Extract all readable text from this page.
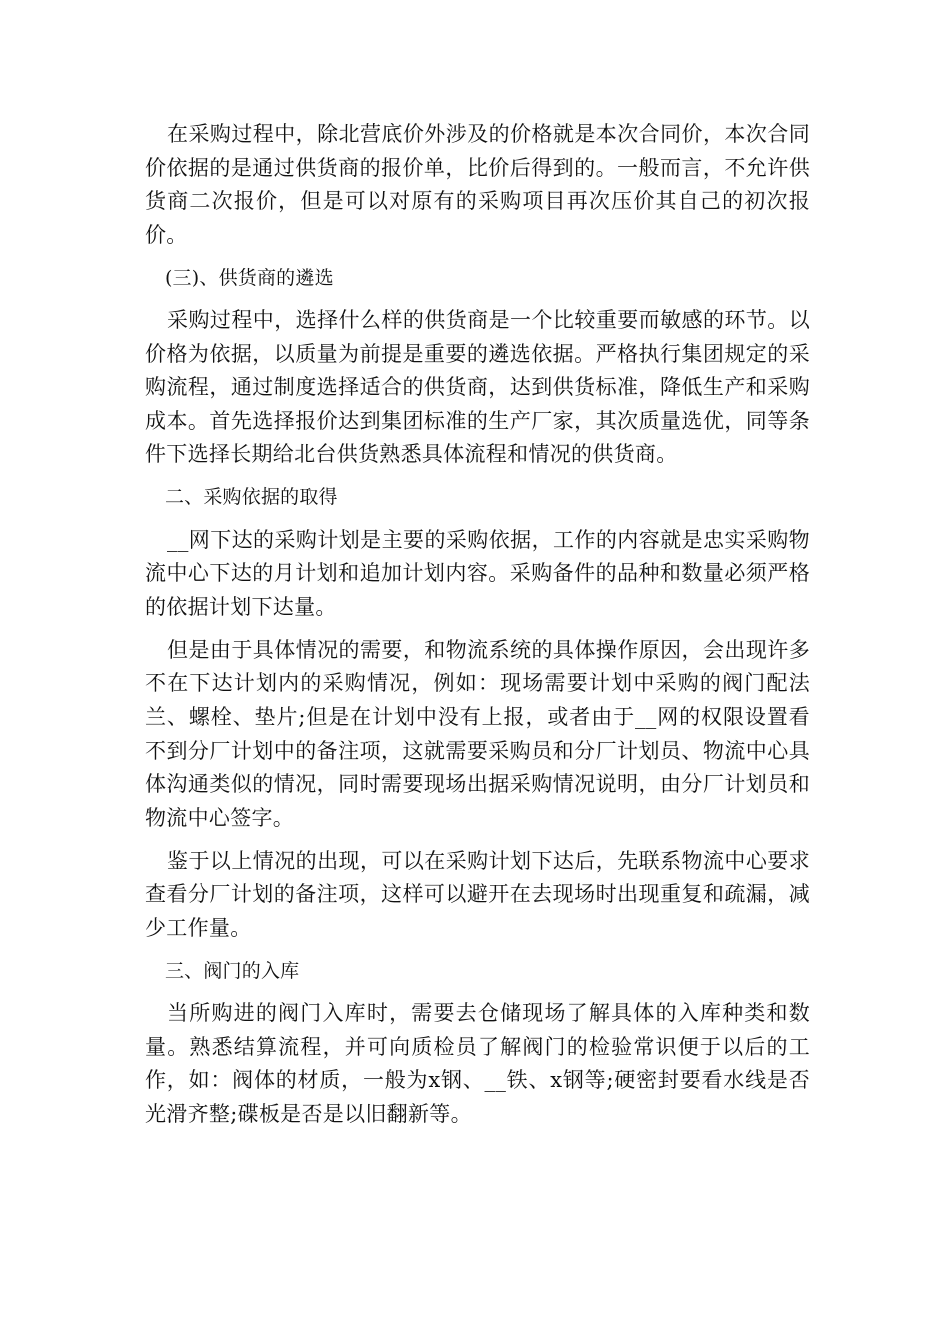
在采购过程中，除北营底价外涉及的价格就是本次合同价，本次合同价依据的是通过供货商的报价单，比价后得到的。一般而言，不允许供货商二次报价，但是可以对原有的采购项目再次压价其自己的初次报价。

(三)、供货商的遴选

采购过程中，选择什么样的供货商是一个比较重要而敏感的环节。以价格为依据，以质量为前提是重要的遴选依据。严格执行集团规定的采购流程，通过制度选择适合的供货商，达到供货标准，降低生产和采购成本。首先选择报价达到集团标准的生产厂家，其次质量选优，同等条件下选择长期给北台供货熟悉具体流程和情况的供货商。

二、采购依据的取得

__网下达的采购计划是主要的采购依据，工作的内容就是忠实采购物流中心下达的月计划和追加计划内容。采购备件的品种和数量必须严格的依据计划下达量。

但是由于具体情况的需要，和物流系统的具体操作原因，会出现许多不在下达计划内的采购情况，例如：现场需要计划中采购的阀门配法兰、螺栓、垫片;但是在计划中没有上报，或者由于__网的权限设置看不到分厂计划中的备注项，这就需要采购员和分厂计划员、物流中心具体沟通类似的情况，同时需要现场出据采购情况说明，由分厂计划员和物流中心签字。

鉴于以上情况的出现，可以在采购计划下达后，先联系物流中心要求查看分厂计划的备注项，这样可以避开在去现场时出现重复和疏漏，减少工作量。

三、阀门的入库

当所购进的阀门入库时，需要去仓储现场了解具体的入库种类和数量。熟悉结算流程，并可向质检员了解阀门的检验常识便于以后的工作，如：阀体的材质，一般为x钢、__铁、x钢等;硬密封要看水线是否光滑齐整;碟板是否是以旧翻新等。
